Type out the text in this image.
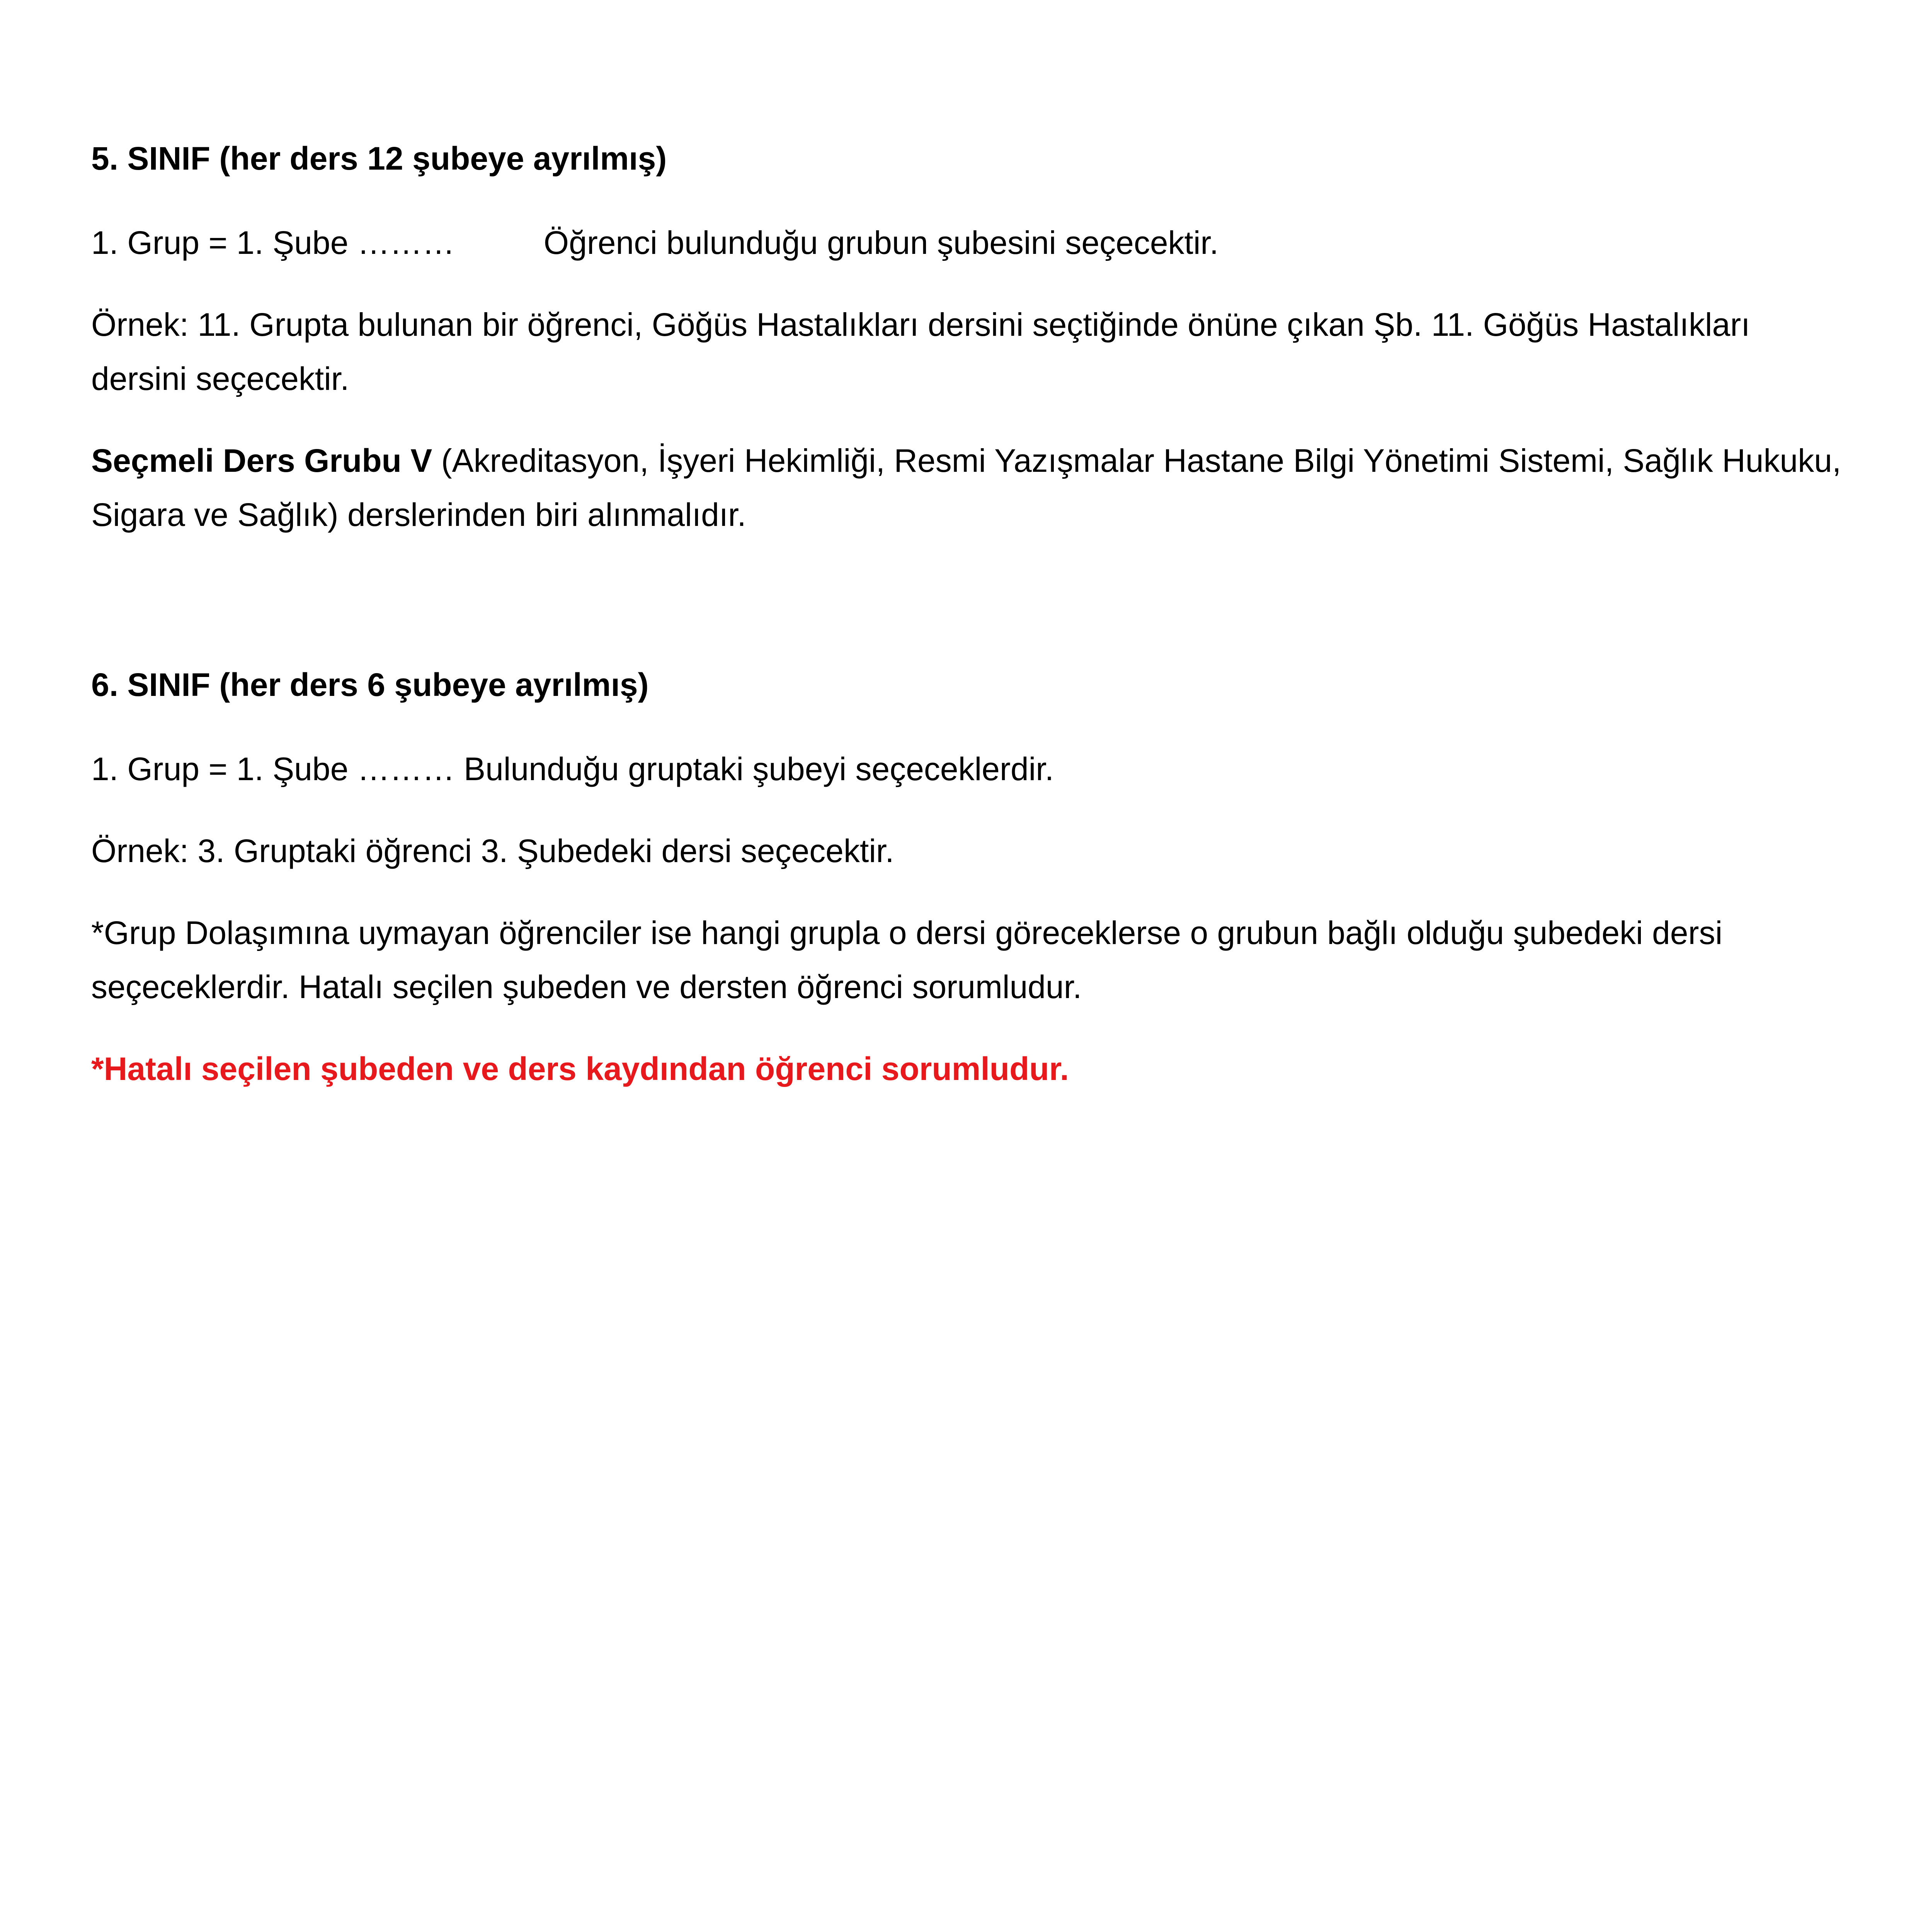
5. SINIF (her ders 12 şubeye ayrılmış)

1. Grup = 1. Şube ………	Öğrenci bulunduğu grubun şubesini seçecektir.

Örnek: 11. Grupta bulunan bir öğrenci, Göğüs Hastalıkları dersini seçtiğinde önüne çıkan Şb. 11. Göğüs Hastalıkları dersini seçecektir.

Seçmeli Ders Grubu V (Akreditasyon, İşyeri Hekimliği, Resmi Yazışmalar Hastane Bilgi Yönetimi Sistemi, Sağlık Hukuku, Sigara ve Sağlık) derslerinden biri alınmalıdır.

6. SINIF (her ders 6 şubeye ayrılmış)

1. Grup = 1. Şube ……… Bulunduğu gruptaki şubeyi seçeceklerdir.

Örnek: 3. Gruptaki öğrenci 3. Şubedeki dersi seçecektir.

*Grup Dolaşımına uymayan öğrenciler ise hangi grupla o dersi göreceklerse o grubun bağlı olduğu şubedeki dersi seçeceklerdir. Hatalı seçilen şubeden ve dersten öğrenci sorumludur.

*Hatalı seçilen şubeden ve ders kaydından öğrenci sorumludur.
